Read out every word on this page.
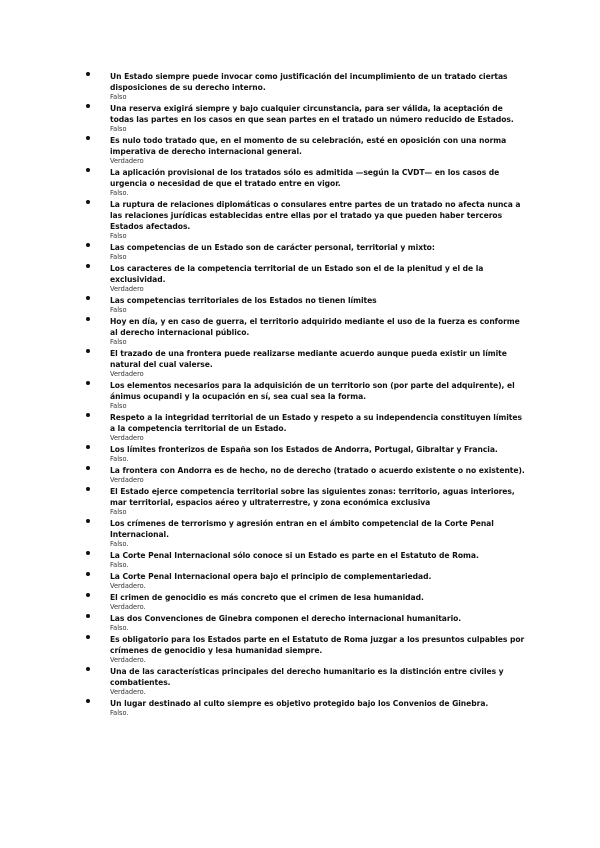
Un Estado siempre puede invocar como justificación del incumplimiento de un tratado ciertas disposiciones de su derecho interno.
Falso
Una reserva exigirá siempre y bajo cualquier circunstancia, para ser válida, la aceptación de todas las partes en los casos en que sean partes en el tratado un número reducido de Estados.
Falso
Es nulo todo tratado que, en el momento de su celebración, esté en oposición con una norma imperativa de derecho internacional general.
Verdadero
La aplicación provisional de los tratados sólo es admitida —según la CVDT— en los casos de urgencia o necesidad de que el tratado entre en vigor.
Falso.
La ruptura de relaciones diplomáticas o consulares entre partes de un tratado no afecta nunca a las relaciones jurídicas establecidas entre ellas por el tratado ya que pueden haber terceros Estados afectados.
Falso
Las competencias de un Estado son de carácter personal, territorial y mixto:
Falso
Los caracteres de la competencia territorial de un Estado son el de la plenitud y el de la exclusividad.
Verdadero
Las competencias territoriales de los Estados no tienen límites
Falso
Hoy en día, y en caso de guerra, el territorio adquirido mediante el uso de la fuerza es conforme al derecho internacional público.
Falso
El trazado de una frontera puede realizarse mediante acuerdo aunque pueda existir un límite natural del cual valerse.
Verdadero
Los elementos necesarios para la adquisición de un territorio son (por parte del adquirente), el ánimus ocupandi y la ocupación en sí, sea cual sea la forma.
Falso
Respeto a la integridad territorial de un Estado y respeto a su independencia constituyen límites a la competencia territorial de un Estado.
Verdadero
Los límites fronterizos de España son los Estados de Andorra, Portugal, Gibraltar y Francia.
Falso.
La frontera con Andorra es de hecho, no de derecho (tratado o acuerdo existente o no existente).
Verdadero
El Estado ejerce competencia territorial sobre las siguientes zonas: territorio, aguas interiores, mar territorial, espacios aéreo y ultraterrestre, y zona económica exclusiva
Falso
Los crímenes de terrorismo y agresión entran en el ámbito competencial de la Corte Penal Internacional.
Falso.
La Corte Penal Internacional sólo conoce si un Estado es parte en el Estatuto de Roma.
Falso.
La Corte Penal Internacional opera bajo el principio de complementariedad.
Verdadero.
El crimen de genocidio es más concreto que el crimen de lesa humanidad.
Verdadero.
Las dos Convenciones de Ginebra componen el derecho internacional humanitario.
Falso.
Es obligatorio para los Estados parte en el Estatuto de Roma juzgar a los presuntos culpables por crímenes de genocidio y lesa humanidad siempre.
Verdadero.
Una de las características principales del derecho humanitario es la distinción entre civiles y combatientes.
Verdadero.
Un lugar destinado al culto siempre es objetivo protegido bajo los Convenios de Ginebra.
Falso.
